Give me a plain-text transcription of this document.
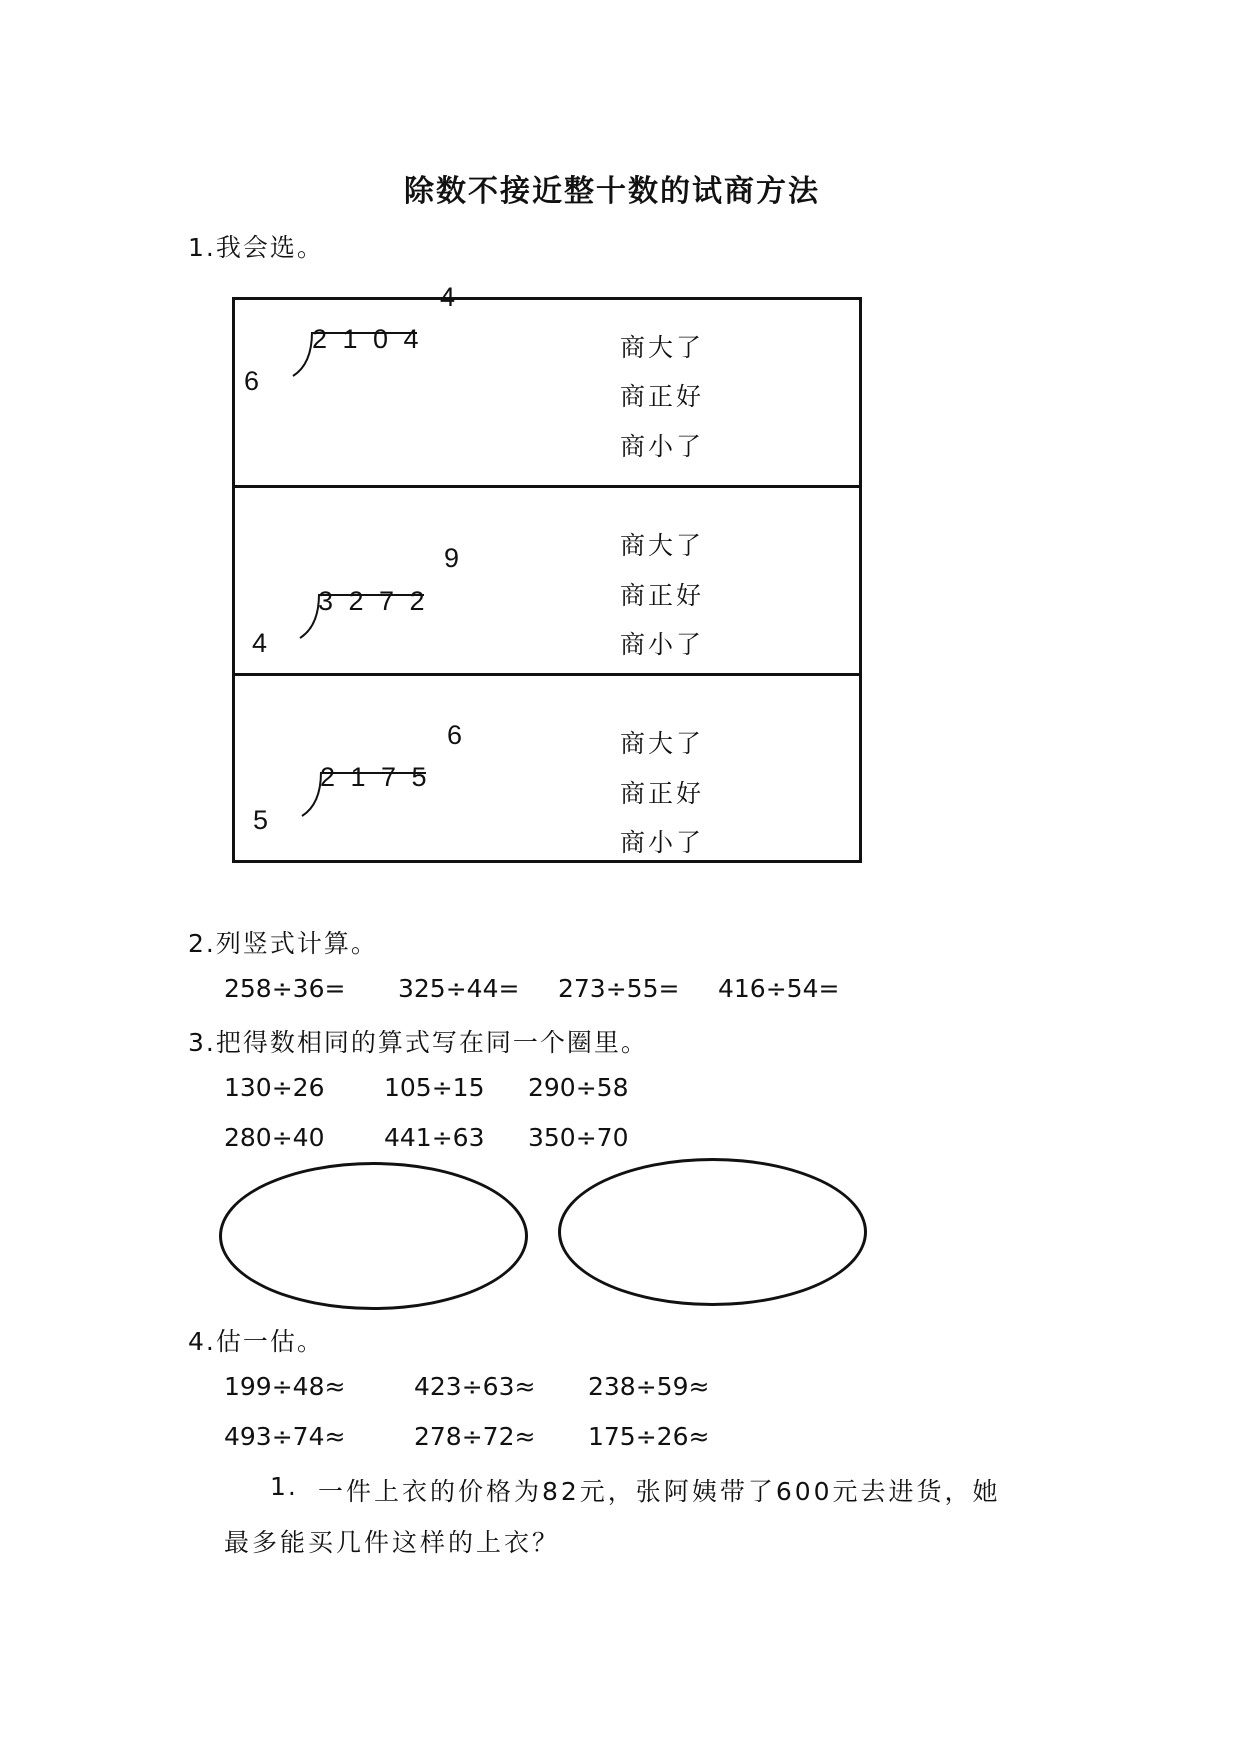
除数不接近整十数的试商方法
1.我会选。
4
2 1 0 4
6
商大了
商正好
商小了
9
3 2 7 2
4
商大了
商正好
商小了
6
2 1 7 5
5
商大了
商正好
商小了
2.列竖式计算。
258÷36= 325÷44= 273÷55= 416÷54=
3.把得数相同的算式写在同一个圈里。
130÷26 105÷15 290÷58
280÷40 441÷63 350÷70
4.估一估。
199÷48≈	423÷63≈ 238÷59≈
493÷74≈	278÷72≈ 175÷26≈
1. 一件上衣的价格为82元，张阿姨带了600元去进货，她
最多能买几件这样的上衣？
